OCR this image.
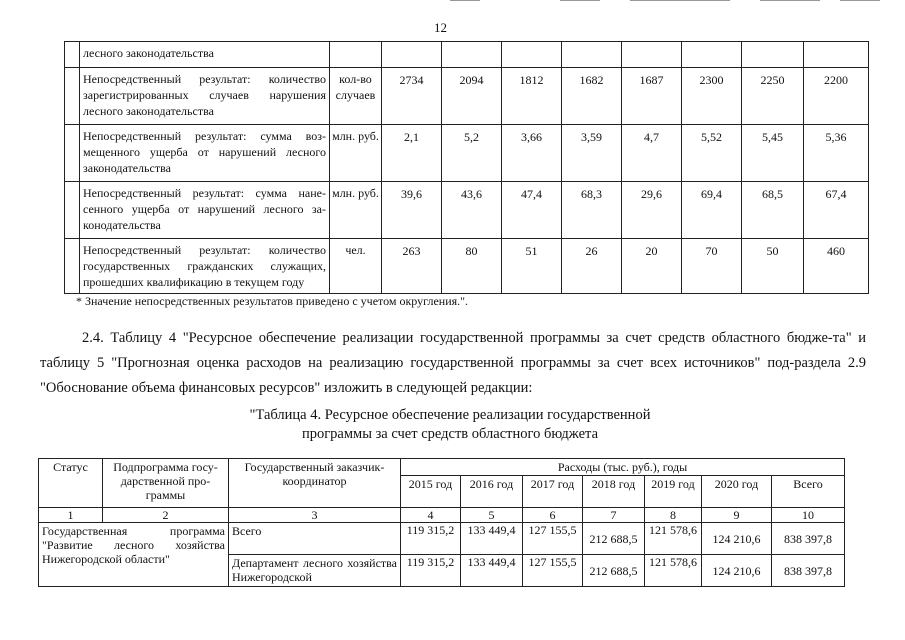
12
	лесного законодательства									
	Непосредственный результат: количество зарегистрированных случаев нарушения лесного законодательства	кол-во случаев	2734	2094	1812	1682	1687	2300	2250	2200
	Непосредственный результат: сумма воз-мещенного ущерба от нарушений лесного законодательства	млн. руб.	2,1	5,2	3,66	3,59	4,7	5,52	5,45	5,36
	Непосредственный результат: сумма нане-сенного ущерба от нарушений лесного за-конодательства	млн. руб.	39,6	43,6	47,4	68,3	29,6	69,4	68,5	67,4
	Непосредственный результат: количество государственных гражданских служащих, прошедших квалификацию в текущем году	чел.	263	80	51	26	20	70	50	460
* Значение непосредственных результатов приведено с учетом округления.".

2.4. Таблицу 4 "Ресурсное обеспечение реализации государственной программы за счет средств областного бюдже-та" и таблицу 5 "Прогнозная оценка расходов на реализацию государственной программы за счет всех источников" под-раздела 2.9 "Обоснование объема финансовых ресурсов" изложить в следующей редакции:

"Таблица 4. Ресурсное обеспечение реализации государственной
программы за счет средств областного бюджета
Статус	Подпрограмма госу-дарственной про-граммы	Государственный заказчик-координатор	Расходы (тыс. руб.), годы						
			2015 год	2016 год	2017 год	2018 год	2019 год	2020 год	Всего
1	2	3	4	5	6	7	8	9	10
Государственная программа "Развитие лесного хозяйства Нижегородской области"		Всего	119 315,2	133 449,4	127 155,5	212 688,5	121 578,6	124 210,6	838 397,8
		Департамент лесного хозяйства Нижегородской	119 315,2	133 449,4	127 155,5	212 688,5	121 578,6	124 210,6	838 397,8
